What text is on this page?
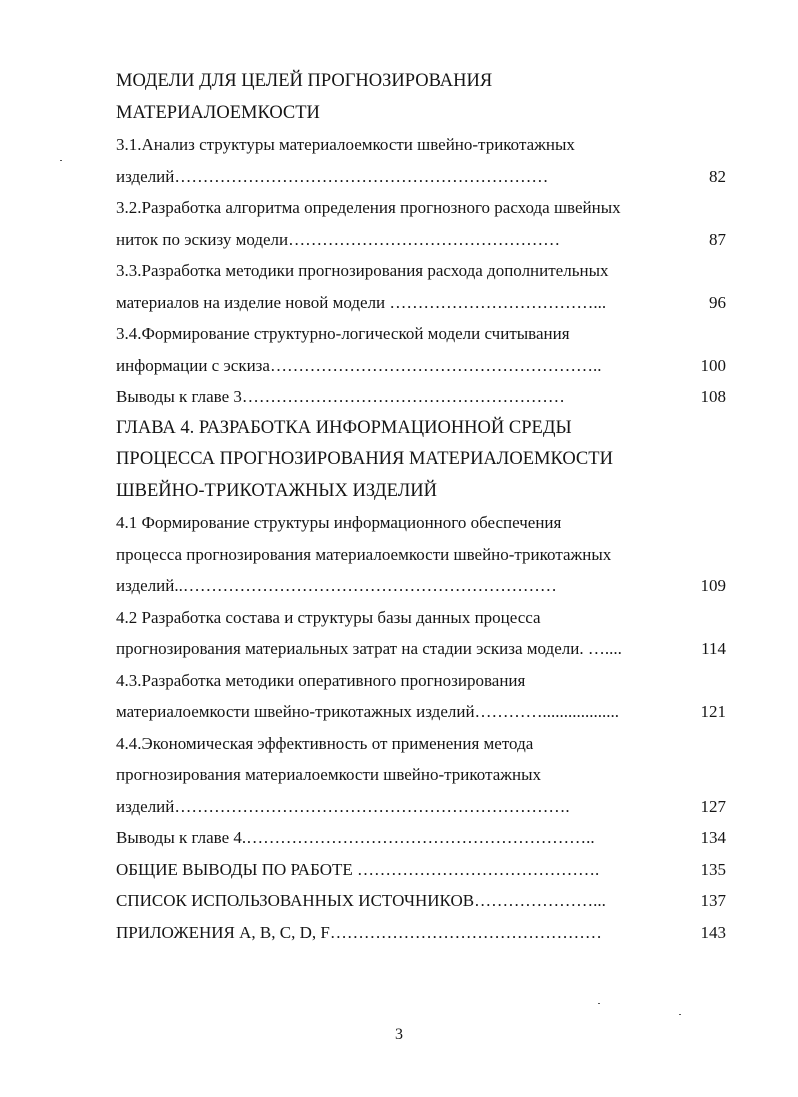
МОДЕЛИ ДЛЯ ЦЕЛЕЙ ПРОГНОЗИРОВАНИЯ
МАТЕРИАЛОЕМКОСТИ
3.1.Анализ структуры материалоемкости швейно-трикотажных
изделий…………………………………………………………	82
3.2.Разработка алгоритма определения прогнозного расхода швейных
ниток по эскизу модели…………………………………………	87
3.3.Разработка методики прогнозирования расхода дополнительных
материалов на изделие новой модели ………………………………...	96
3.4.Формирование структурно-логической модели считывания
информации с эскиза…………………………………………………..	100
Выводы к главе 3…………………………………………………	108
ГЛАВА 4. РАЗРАБОТКА ИНФОРМАЦИОННОЙ СРЕДЫ
ПРОЦЕССА ПРОГНОЗИРОВАНИЯ МАТЕРИАЛОЕМКОСТИ
ШВЕЙНО-ТРИКОТАЖНЫХ ИЗДЕЛИЙ
4.1 Формирование структуры информационного обеспечения
процесса прогнозирования материалоемкости швейно-трикотажных
изделий..…………………………………………………………	109
4.2 Разработка состава и структуры базы данных процесса
прогнозирования материальных затрат на стадии эскиза модели. …....	114
4.3.Разработка методики оперативного прогнозирования
материалоемкости швейно-трикотажных изделий…………..................	121
4.4.Экономическая эффективность от применения метода
прогнозирования материалоемкости швейно-трикотажных
изделий…………………………………………………………….	127
Выводы к главе 4.……………………………………………………..	134
ОБЩИЕ ВЫВОДЫ ПО РАБОТЕ …………………………………….	135
СПИСОК ИСПОЛЬЗОВАННЫХ ИСТОЧНИКОВ…………………...	137
ПРИЛОЖЕНИЯ А, В, С, D, F…………………………………………	143
3
